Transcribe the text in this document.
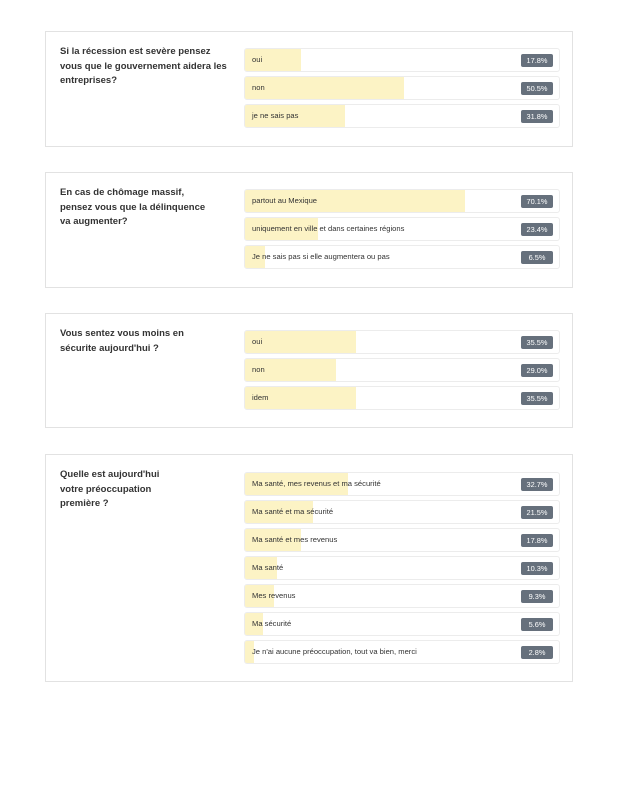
Si la récession est sevère pensez vous que le gouvernement aidera les entreprises?
oui	17.8%
non	50.5%
je ne sais pas	31.8%
En cas de chômage massif, pensez vous que la délinquence va augmenter?
partout au Mexique	70.1%
uniquement en ville et dans certaines régions	23.4%
Je ne sais pas si elle augmentera ou pas	6.5%
Vous sentez vous moins en sécurite aujourd'hui ?
oui	35.5%
non	29.0%
idem	35.5%
Quelle est aujourd'hui votre préoccupation première ?
Ma santé, mes revenus et ma sécurité	32.7%
Ma santé et ma sécurité	21.5%
Ma santé et mes revenus	17.8%
Ma santé	10.3%
Mes revenus	9.3%
Ma sécurité	5.6%
Je n'ai aucune préoccupation, tout va bien, merci	2.8%
